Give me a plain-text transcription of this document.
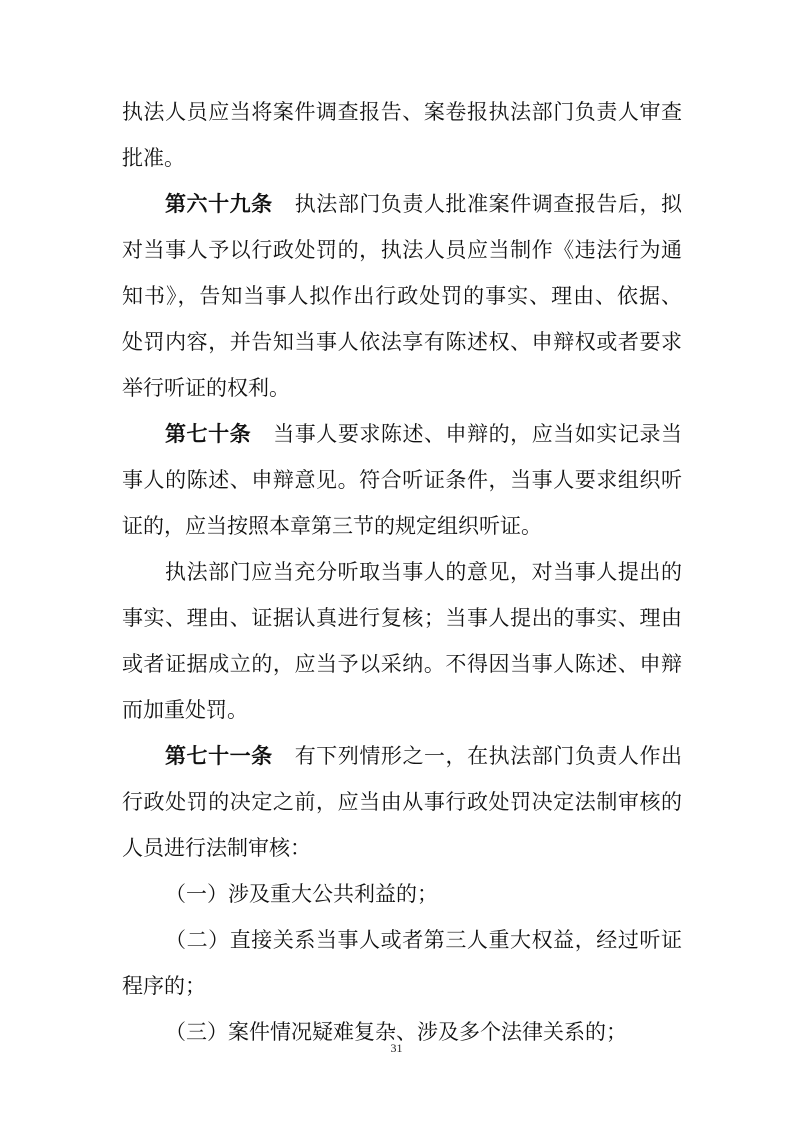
执法人员应当将案件调查报告、案卷报执法部门负责人审查
批准。
第六十九条 执法部门负责人批准案件调查报告后，拟
对当事人予以行政处罚的，执法人员应当制作《违法行为通
知书》，告知当事人拟作出行政处罚的事实、理由、依据、
处罚内容，并告知当事人依法享有陈述权、申辩权或者要求
举行听证的权利。
第七十条 当事人要求陈述、申辩的，应当如实记录当
事人的陈述、申辩意见。符合听证条件，当事人要求组织听
证的，应当按照本章第三节的规定组织听证。
执法部门应当充分听取当事人的意见，对当事人提出的
事实、理由、证据认真进行复核；当事人提出的事实、理由
或者证据成立的，应当予以采纳。不得因当事人陈述、申辩
而加重处罚。
第七十一条 有下列情形之一，在执法部门负责人作出
行政处罚的决定之前，应当由从事行政处罚决定法制审核的
人员进行法制审核：
（一）涉及重大公共利益的；
（二）直接关系当事人或者第三人重大权益，经过听证
程序的；
（三）案件情况疑难复杂、涉及多个法律关系的；
31
